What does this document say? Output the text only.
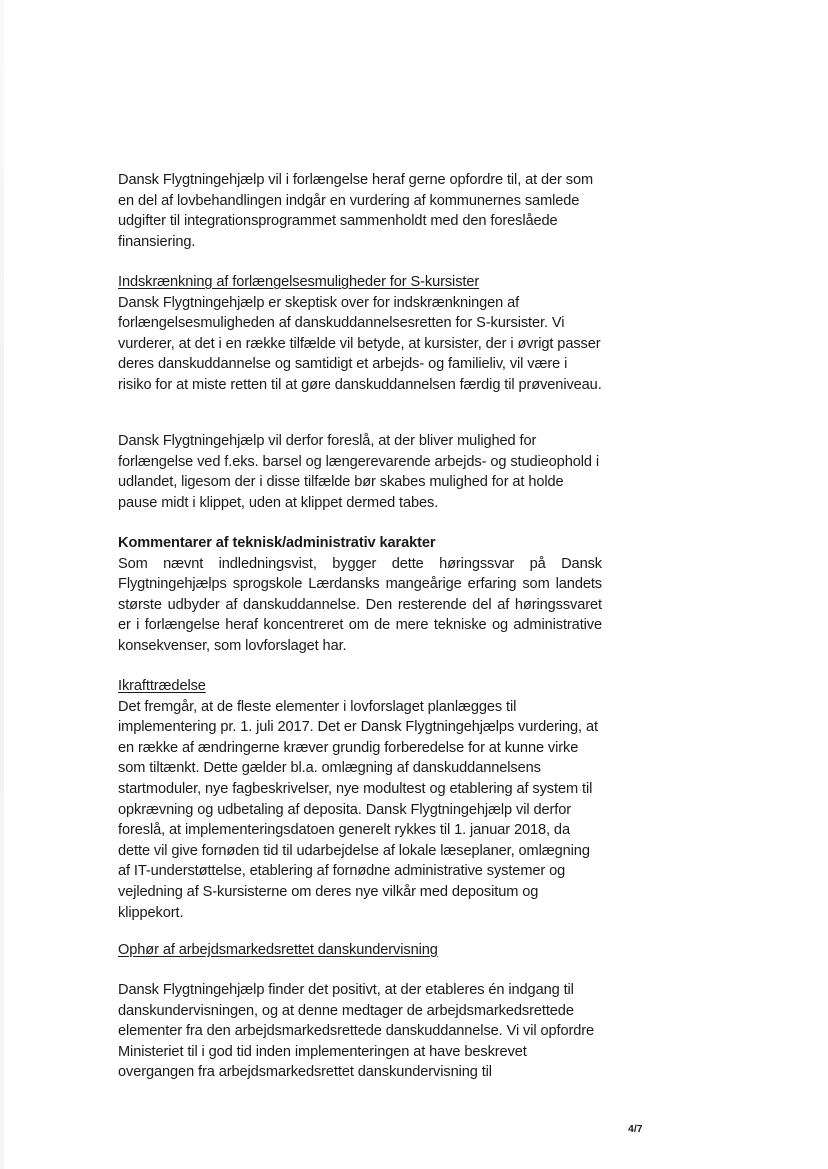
Dansk Flygtningehjælp vil i forlængelse heraf gerne opfordre til, at der som en del af lovbehandlingen indgår en vurdering af kommunernes samlede udgifter til integrationsprogrammet sammenholdt med den foreslåede finansiering.

Indskrænkning af forlængelsesmuligheder for S-kursister

Dansk Flygtningehjælp er skeptisk over for indskrænkningen af forlængelsesmuligheden af danskuddannelsesretten for S-kursister. Vi vurderer, at det i en række tilfælde vil betyde, at kursister, der i øvrigt passer deres danskuddannelse og samtidigt et arbejds- og familieliv, vil være i risiko for at miste retten til at gøre danskuddannelsen færdig til prøveniveau.

Dansk Flygtningehjælp vil derfor foreslå, at der bliver mulighed for forlængelse ved f.eks. barsel og længerevarende arbejds- og studieophold i udlandet, ligesom der i disse tilfælde bør skabes mulighed for at holde pause midt i klippet, uden at klippet dermed tabes.

Kommentarer af teknisk/administrativ karakter

Som nævnt indledningsvist, bygger dette høringssvar på Dansk Flygtningehjælps sprogskole Lærdansks mangeårige erfaring som landets største udbyder af danskuddannelse. Den resterende del af høringssvaret er i forlængelse heraf koncentreret om de mere tekniske og administrative konsekvenser, som lovforslaget har.

Ikrafttrædelse

Det fremgår, at de fleste elementer i lovforslaget planlægges til implementering pr. 1. juli 2017. Det er Dansk Flygtningehjælps vurdering, at en række af ændringerne kræver grundig forberedelse for at kunne virke som tiltænkt. Dette gælder bl.a. omlægning af danskuddannelsens startmoduler, nye fagbeskrivelser, nye modultest og etablering af system til opkrævning og udbetaling af deposita. Dansk Flygtningehjælp vil derfor foreslå, at implementeringsdatoen generelt rykkes til 1. januar 2018, da dette vil give fornøden tid til udarbejdelse af lokale læseplaner, omlægning af IT-understøttelse, etablering af fornødne administrative systemer og vejledning af S-kursisterne om deres nye vilkår med depositum og klippekort.

Ophør af arbejdsmarkedsrettet danskundervisning

Dansk Flygtningehjælp finder det positivt, at der etableres én indgang til danskundervisningen, og at denne medtager de arbejdsmarkedsrettede elementer fra den arbejdsmarkedsrettede danskuddannelse. Vi vil opfordre Ministeriet til i god tid inden implementeringen at have beskrevet overgangen fra arbejdsmarkedsrettet danskundervisning til

4/7
